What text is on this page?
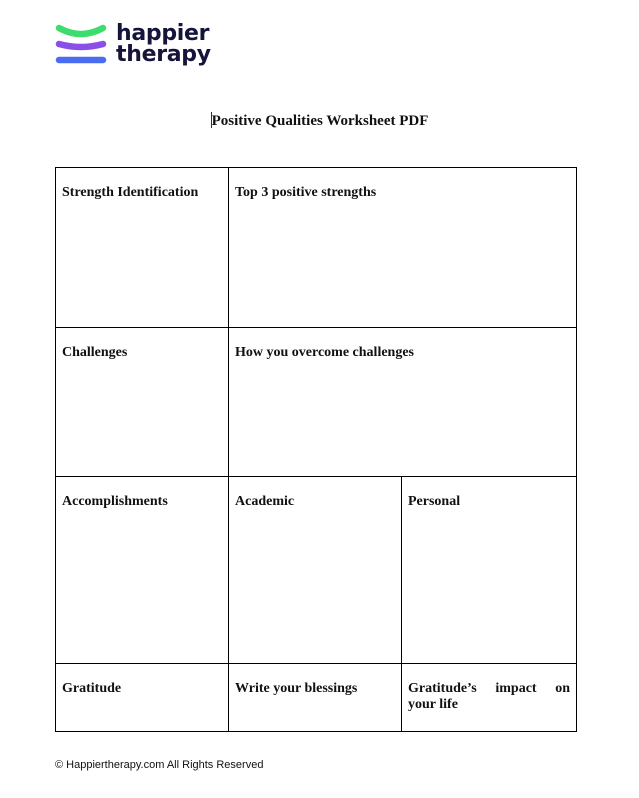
happier
therapy
Positive Qualities Worksheet PDF
Strength Identification	Top 3 positive strengths	
Challenges	How you overcome challenges	
Accomplishments	Academic	Personal
Gratitude	Write your blessings	Gratitude’s impact on your life
© Happiertherapy.com All Rights Reserved
